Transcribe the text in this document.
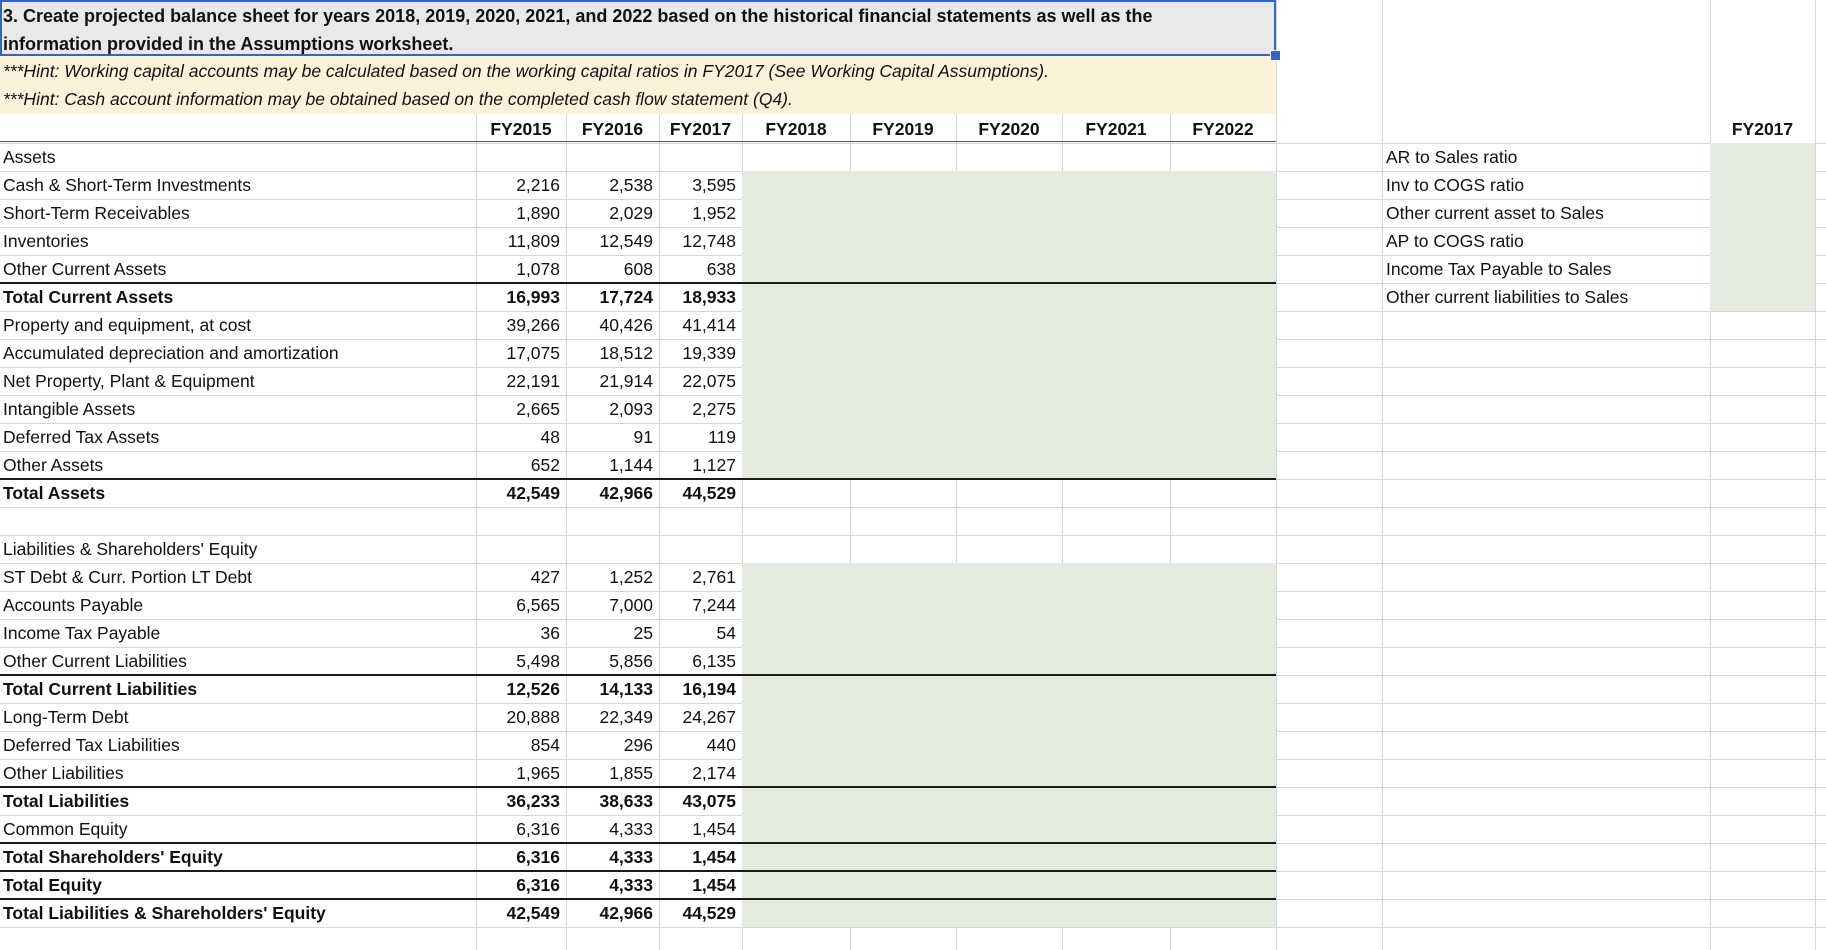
3. Create projected balance sheet for years 2018, 2019, 2020, 2021, and 2022 based on the historical financial statements as well as the
information provided in the Assumptions worksheet.
***Hint: Working capital accounts may be calculated based on the working capital ratios in FY2017 (See Working Capital Assumptions).
***Hint: Cash account information may be obtained based on the completed cash flow statement (Q4).
FY2015	FY2016	FY2017	FY2018	FY2019	FY2020	FY2021	FY2022	FY2017
Assets
Cash & Short-Term Investments	2,216	2,538	3,595
Short-Term Receivables	1,890	2,029	1,952
Inventories	11,809	12,549	12,748
Other Current Assets	1,078	608	638
Total Current Assets	16,993	17,724	18,933
Property and equipment, at cost	39,266	40,426	41,414
Accumulated depreciation and amortization	17,075	18,512	19,339
Net Property, Plant & Equipment	22,191	21,914	22,075
Intangible Assets	2,665	2,093	2,275
Deferred Tax Assets	48	91	119
Other Assets	652	1,144	1,127
Total Assets	42,549	42,966	44,529
Liabilities & Shareholders' Equity
ST Debt & Curr. Portion LT Debt	427	1,252	2,761
Accounts Payable	6,565	7,000	7,244
Income Tax Payable	36	25	54
Other Current Liabilities	5,498	5,856	6,135
Total Current Liabilities	12,526	14,133	16,194
Long-Term Debt	20,888	22,349	24,267
Deferred Tax Liabilities	854	296	440
Other Liabilities	1,965	1,855	2,174
Total Liabilities	36,233	38,633	43,075
Common Equity	6,316	4,333	1,454
Total Shareholders' Equity	6,316	4,333	1,454
Total Equity	6,316	4,333	1,454
Total Liabilities & Shareholders' Equity	42,549	42,966	44,529
AR to Sales ratio
Inv to COGS ratio
Other current asset to Sales
AP to COGS ratio
Income Tax Payable to Sales
Other current liabilities to Sales
